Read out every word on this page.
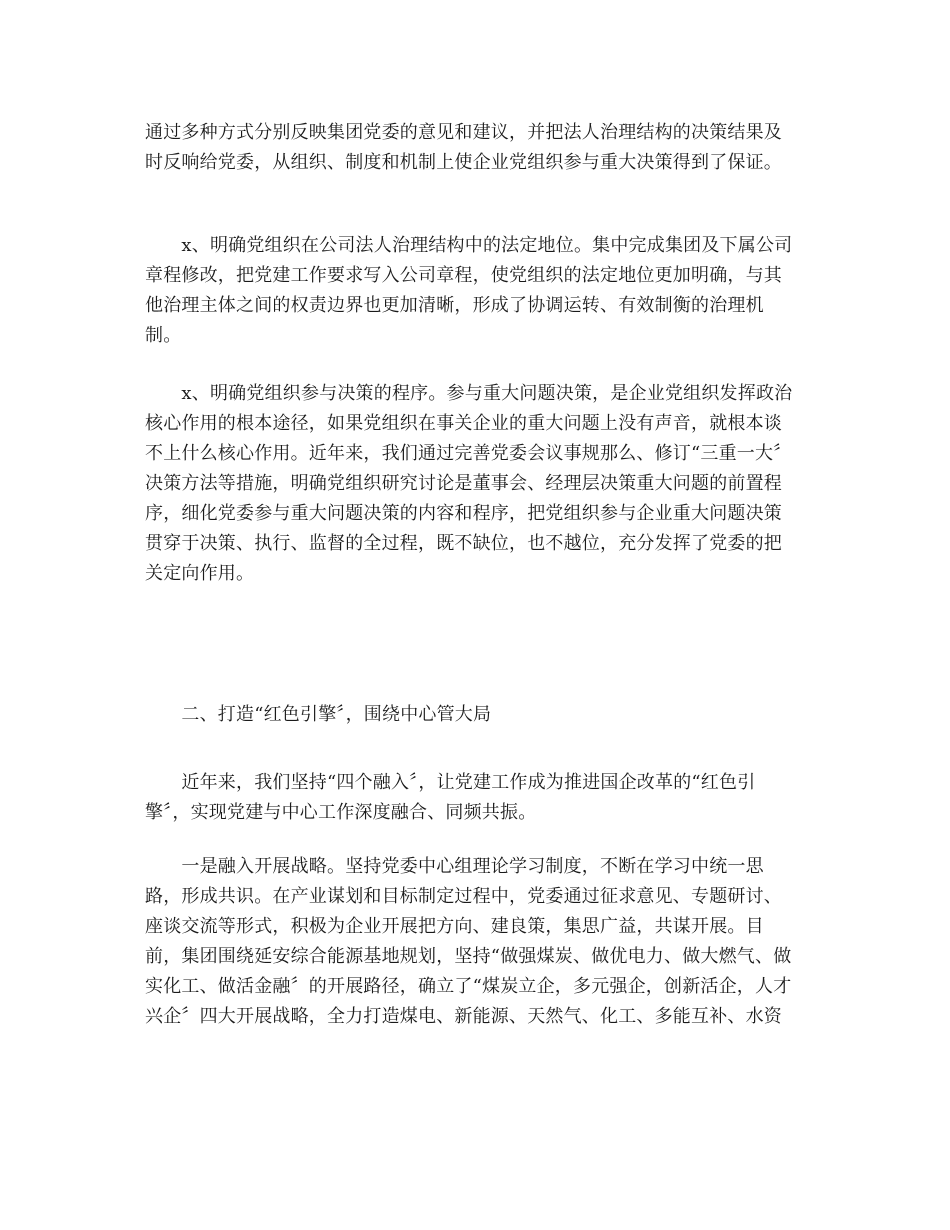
通过多种方式分别反映集团党委的意见和建议，并把法人治理结构的决策结果及
时反响给党委，从组织、制度和机制上使企业党组织参与重大决策得到了保证。

　　x、明确党组织在公司法人治理结构中的法定地位。集中完成集团及下属公司
章程修改，把党建工作要求写入公司章程，使党组织的法定地位更加明确，与其
他治理主体之间的权责边界也更加清晰，形成了协调运转、有效制衡的治理机
制。

　　x、明确党组织参与决策的程序。参与重大问题决策，是企业党组织发挥政治
核心作用的根本途径，如果党组织在事关企业的重大问题上没有声音，就根本谈
不上什么核心作用。近年来，我们通过完善党委会议事规那么、修订“三重一大〞
决策方法等措施，明确党组织研究讨论是董事会、经理层决策重大问题的前置程
序，细化党委参与重大问题决策的内容和程序，把党组织参与企业重大问题决策
贯穿于决策、执行、监督的全过程，既不缺位，也不越位，充分发挥了党委的把
关定向作用。

　　二、打造“红色引擎〞，围绕中心管大局

　　近年来，我们坚持“四个融入〞，让党建工作成为推进国企改革的“红色引
擎〞，实现党建与中心工作深度融合、同频共振。

　　一是融入开展战略。坚持党委中心组理论学习制度，不断在学习中统一思
路，形成共识。在产业谋划和目标制定过程中，党委通过征求意见、专题研讨、
座谈交流等形式，积极为企业开展把方向、建良策，集思广益，共谋开展。目
前，集团围绕延安综合能源基地规划，坚持“做强煤炭、做优电力、做大燃气、做
实化工、做活金融〞的开展路径，确立了“煤炭立企，多元强企，创新活企，人才
兴企〞四大开展战略，全力打造煤电、新能源、天然气、化工、多能互补、水资
